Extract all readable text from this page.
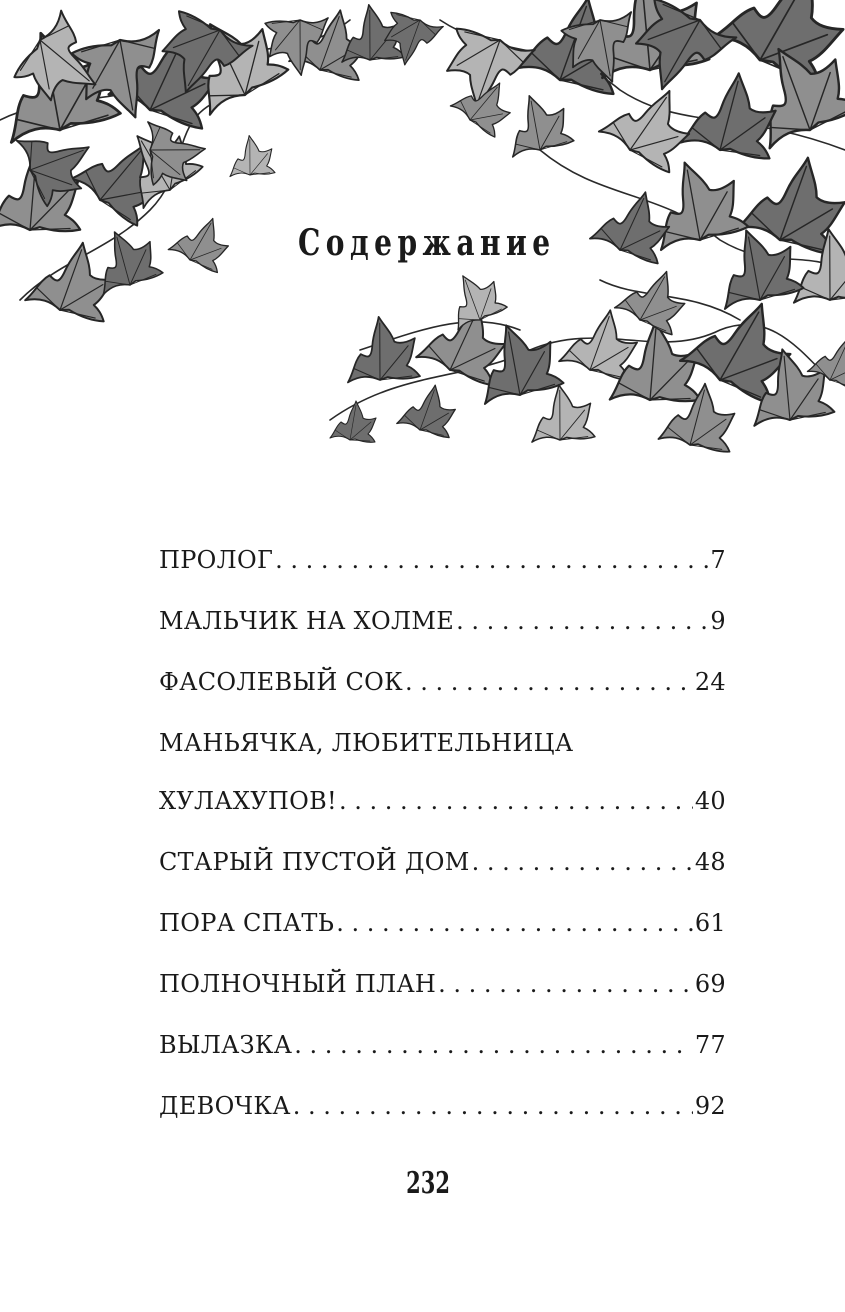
Содержание
ПРОЛОГ . . .	7
МАЛЬЧИК НА ХОЛМЕ . . .	9
ФАСОЛЕВЫЙ СОК . . .	24
МАНЬЯЧКА, ЛЮБИТЕЛЬНИЦА
ХУЛАХУПОВ! . . .	40
СТАРЫЙ ПУСТОЙ ДОМ . . .	48
ПОРА СПАТЬ . . .	61
ПОЛНОЧНЫЙ ПЛАН . . .	69
ВЫЛАЗКА . . .	77
ДЕВОЧКА . . .	92
232
